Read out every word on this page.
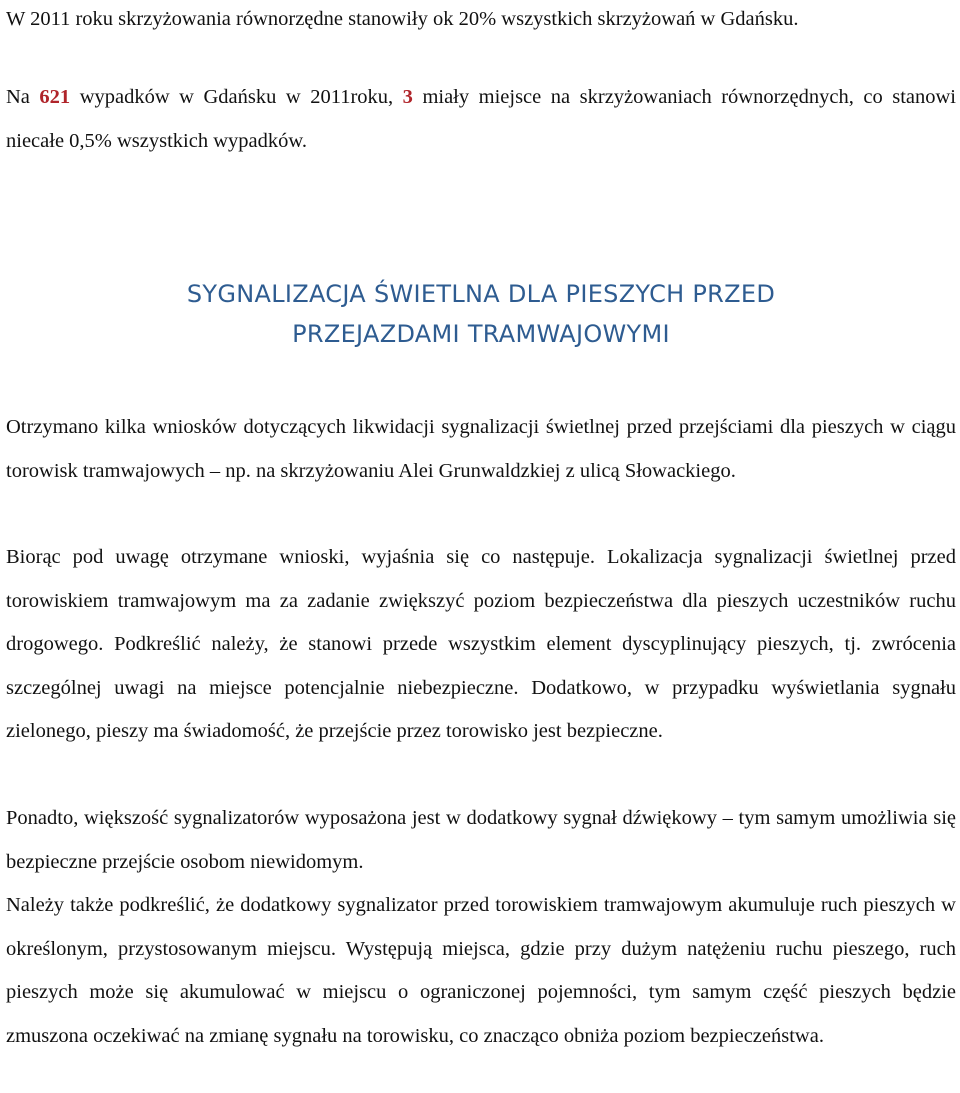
W 2011 roku skrzyżowania równorzędne stanowiły ok 20% wszystkich skrzyżowań w Gdańsku.

Na 621 wypadków w Gdańsku w 2011roku, 3 miały miejsce na skrzyżowaniach równorzędnych, co stanowi niecałe 0,5% wszystkich wypadków.

SYGNALIZACJA ŚWIETLNA DLA PIESZYCH PRZED
PRZEJAZDAMI TRAMWAJOWYMI

Otrzymano kilka wniosków dotyczących likwidacji sygnalizacji świetlnej przed przejściami dla pieszych w ciągu torowisk tramwajowych – np. na skrzyżowaniu Alei Grunwaldzkiej z ulicą Słowackiego.

Biorąc pod uwagę otrzymane wnioski, wyjaśnia się co następuje. Lokalizacja sygnalizacji świetlnej przed torowiskiem tramwajowym ma za zadanie zwiększyć poziom bezpieczeństwa dla pieszych uczestników ruchu drogowego. Podkreślić należy, że stanowi przede wszystkim element dyscyplinujący pieszych, tj. zwrócenia szczególnej uwagi na miejsce potencjalnie niebezpieczne. Dodatkowo, w przypadku wyświetlania sygnału zielonego, pieszy ma świadomość, że przejście przez torowisko jest bezpieczne.

Ponadto, większość sygnalizatorów wyposażona jest w dodatkowy sygnał dźwiękowy – tym samym umożliwia się bezpieczne przejście osobom niewidomym.

Należy także podkreślić, że dodatkowy sygnalizator przed torowiskiem tramwajowym akumuluje ruch pieszych w określonym, przystosowanym miejscu. Występują miejsca, gdzie przy dużym natężeniu ruchu pieszego, ruch pieszych może się akumulować w miejscu o ograniczonej pojemności, tym samym część pieszych będzie zmuszona oczekiwać na zmianę sygnału na torowisku, co znacząco obniża poziom bezpieczeństwa.
